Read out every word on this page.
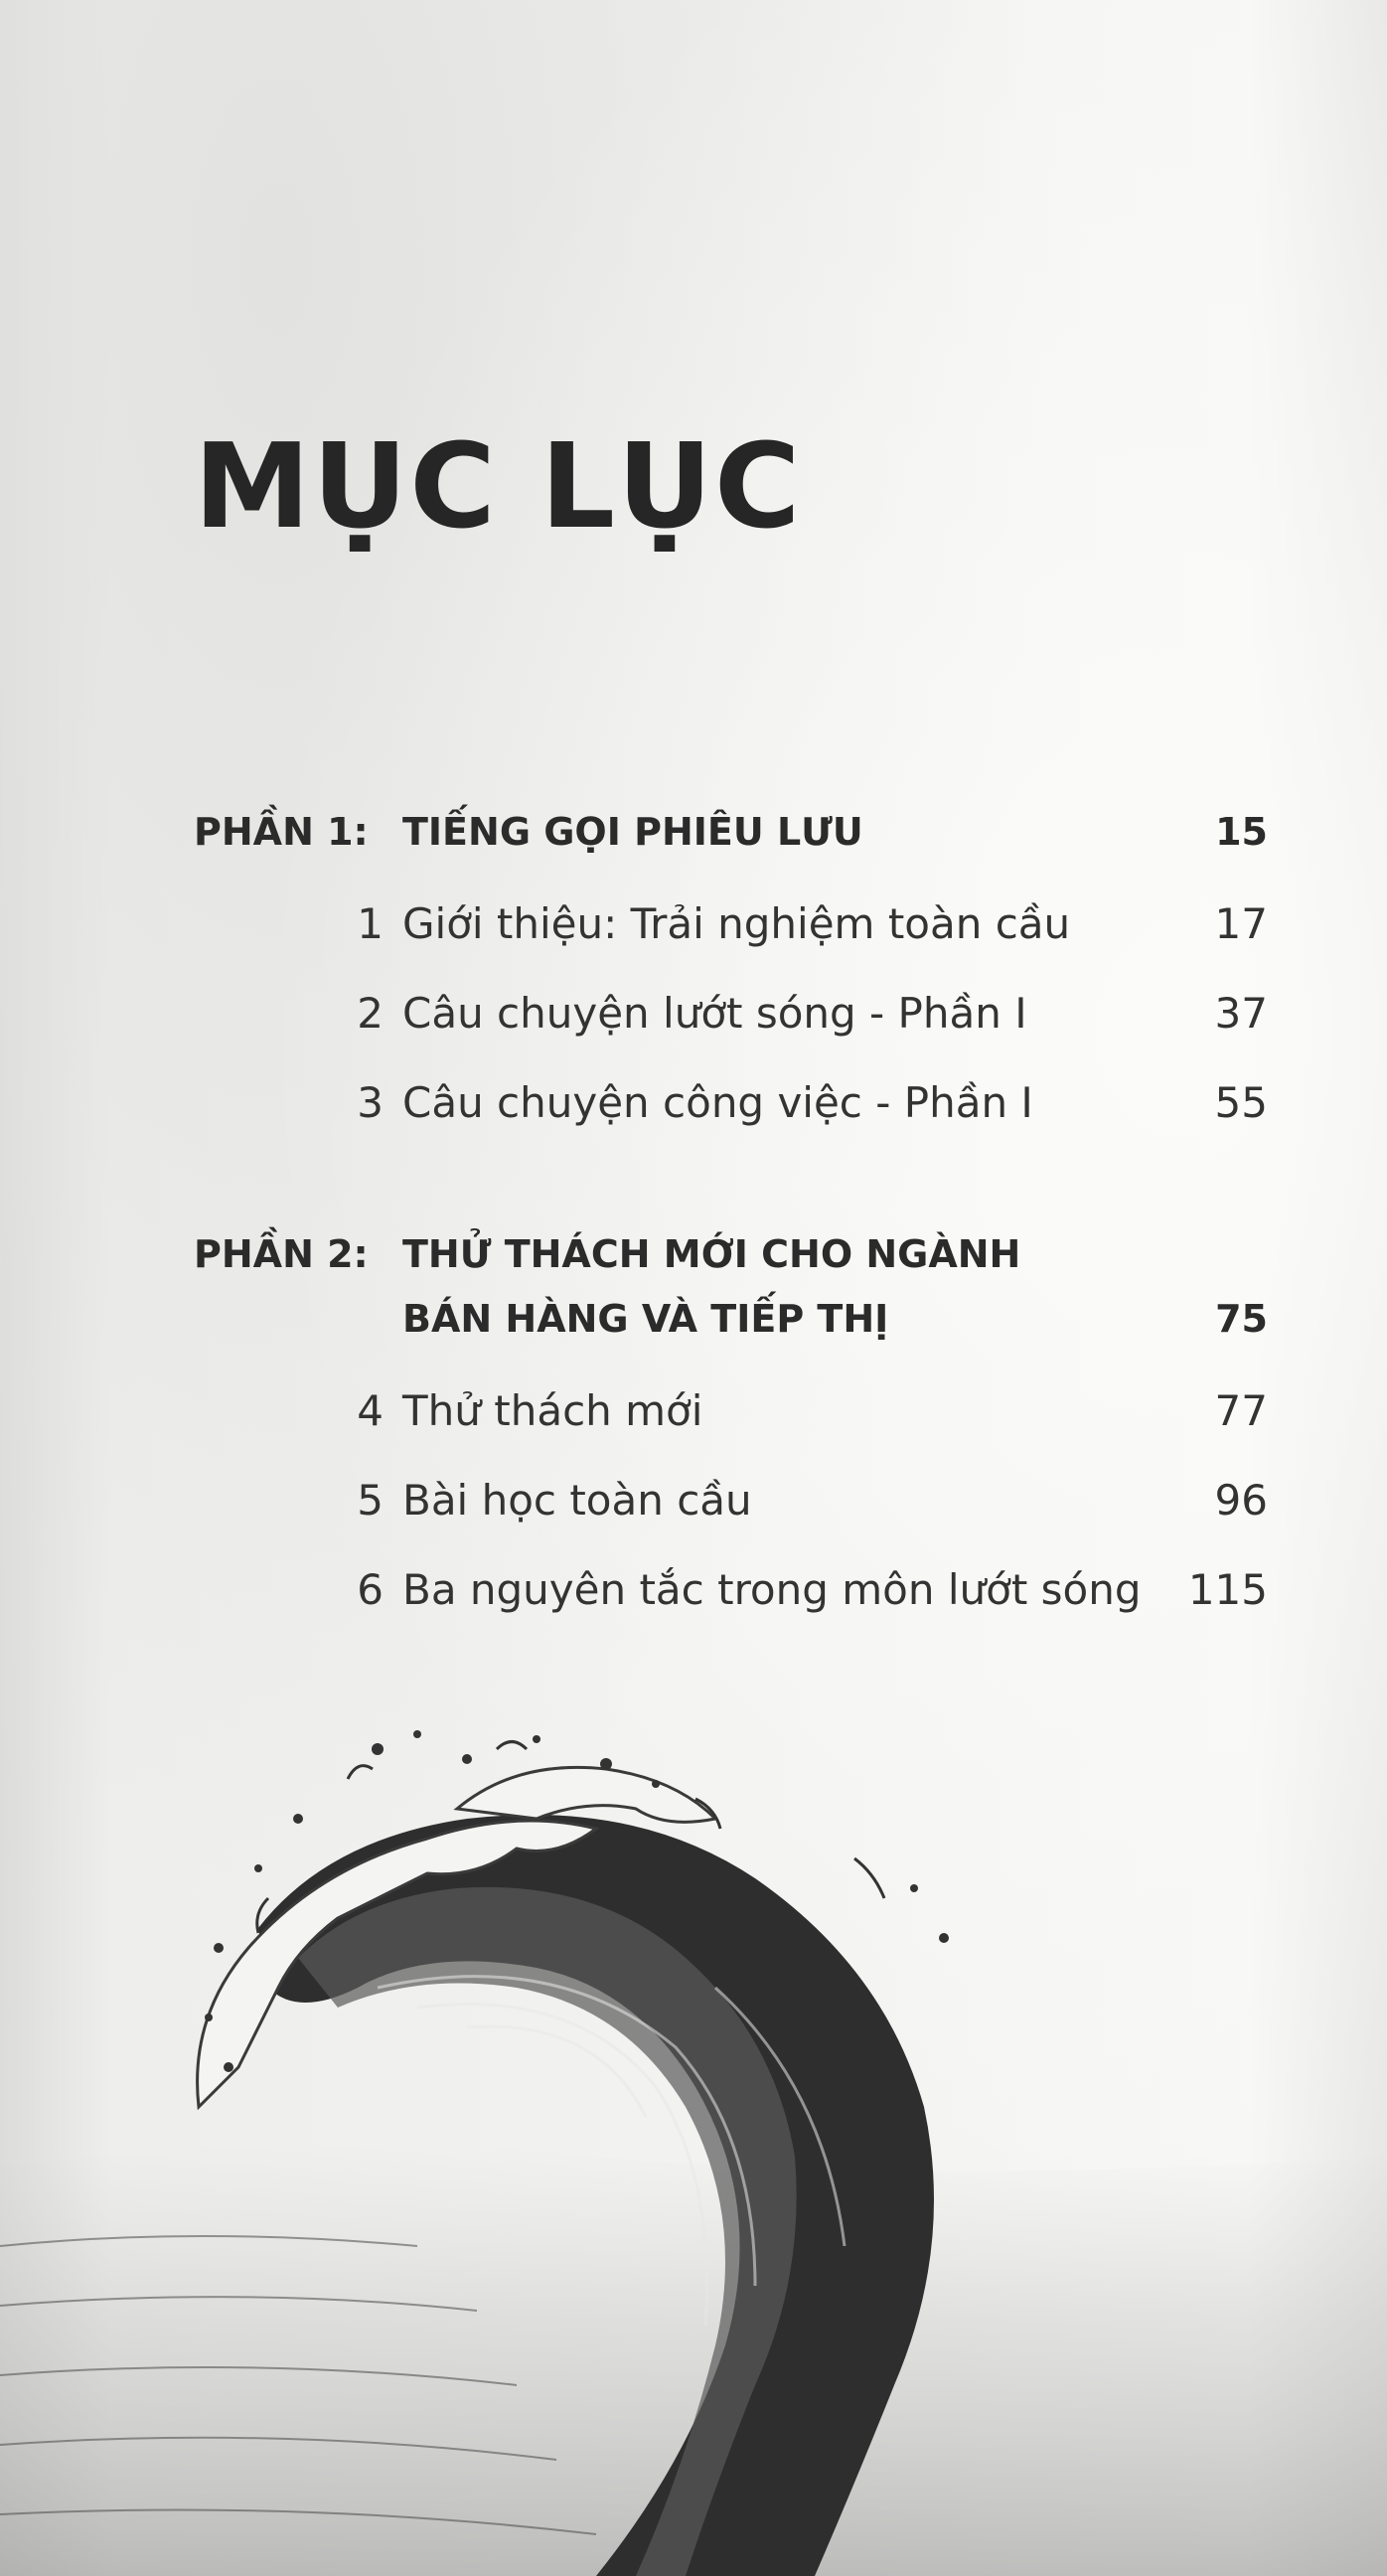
MỤC LỤC
PHẦN 1: TIẾNG GỌI PHIÊU LƯU	15
1 Giới thiệu: Trải nghiệm toàn cầu	17
2 Câu chuyện lướt sóng - Phần I	37
3 Câu chuyện công việc - Phần I	55
PHẦN 2: THỬ THÁCH MỚI CHO NGÀNH
BÁN HÀNG VÀ TIẾP THỊ	75
4 Thử thách mới	77
5 Bài học toàn cầu	96
6 Ba nguyên tắc trong môn lướt sóng 115
